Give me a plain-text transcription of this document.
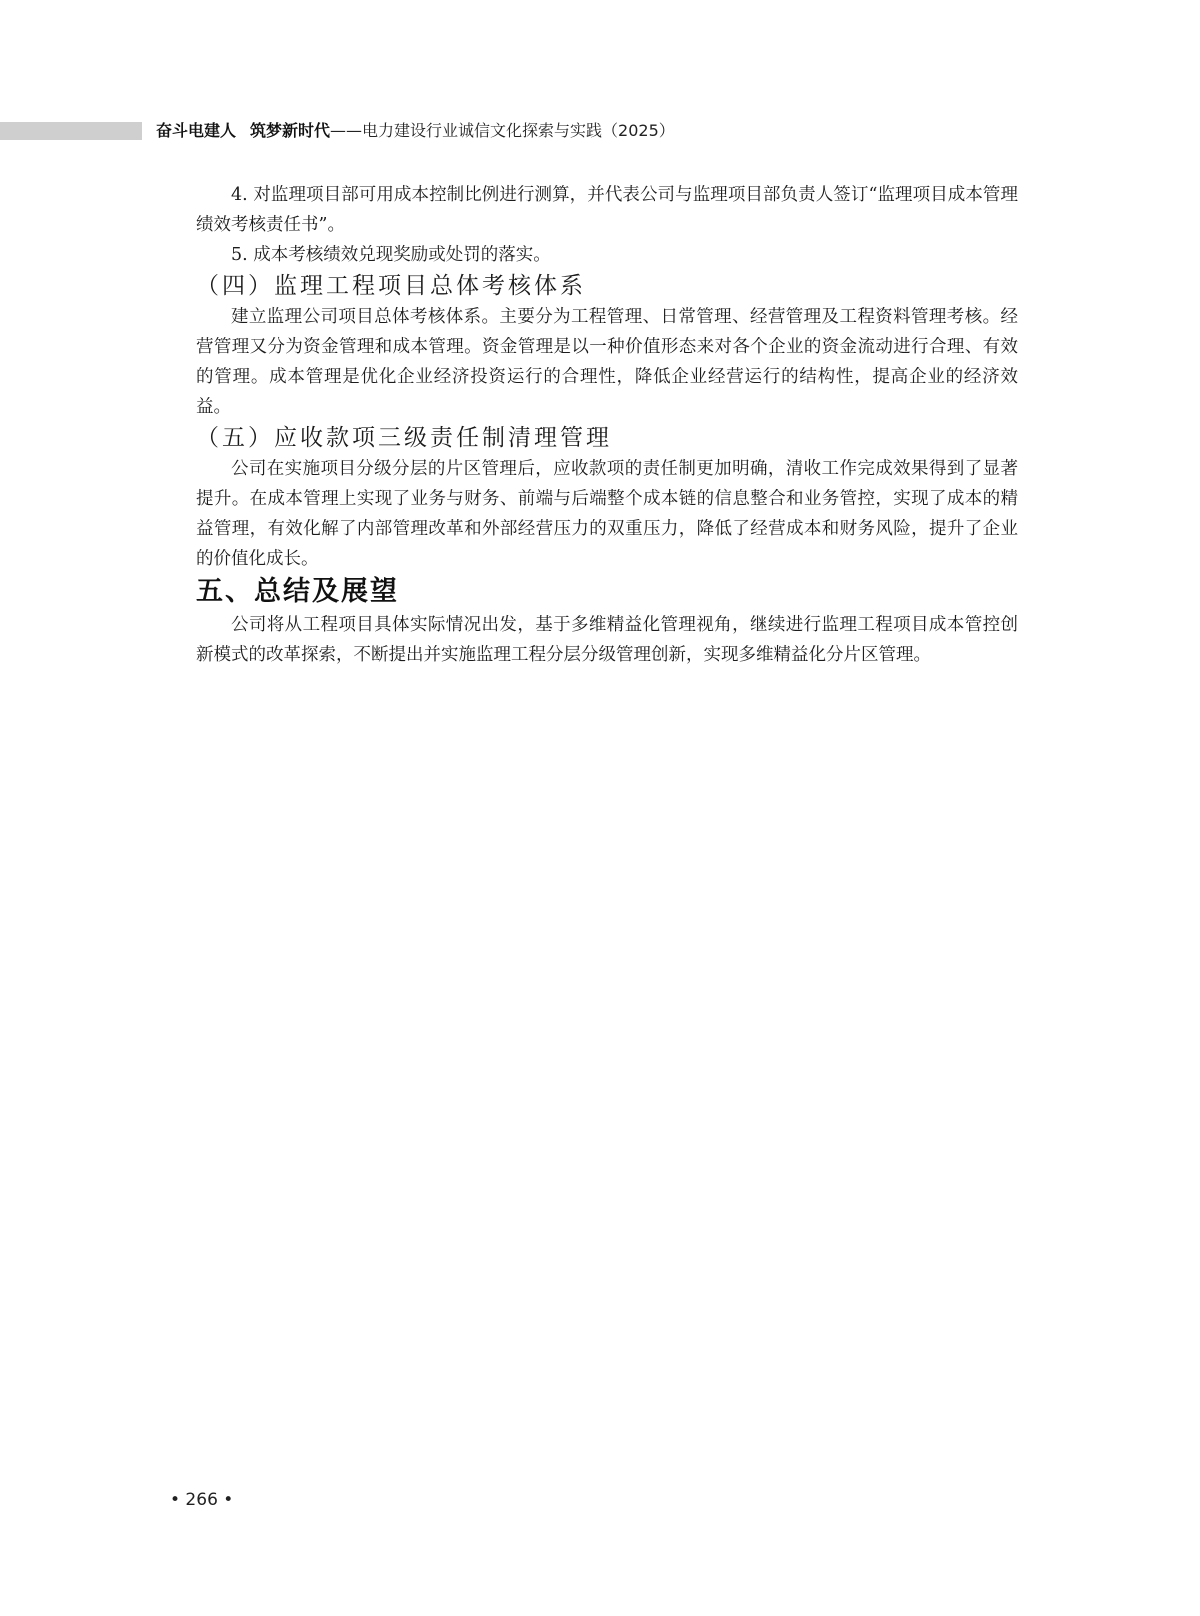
奋斗电建人 筑梦新时代——电力建设行业诚信文化探索与实践（2025）

4. 对监理项目部可用成本控制比例进行测算，并代表公司与监理项目部负责人签订“监理项目成本管理绩效考核责任书”。

5. 成本考核绩效兑现奖励或处罚的落实。

（四）监理工程项目总体考核体系

建立监理公司项目总体考核体系。主要分为工程管理、日常管理、经营管理及工程资料管理考核。经营管理又分为资金管理和成本管理。资金管理是以一种价值形态来对各个企业的资金流动进行合理、有效的管理。成本管理是优化企业经济投资运行的合理性，降低企业经营运行的结构性，提高企业的经济效益。

（五）应收款项三级责任制清理管理

公司在实施项目分级分层的片区管理后，应收款项的责任制更加明确，清收工作完成效果得到了显著提升。在成本管理上实现了业务与财务、前端与后端整个成本链的信息整合和业务管控，实现了成本的精益管理，有效化解了内部管理改革和外部经营压力的双重压力，降低了经营成本和财务风险，提升了企业的价值化成长。

五、总结及展望

公司将从工程项目具体实际情况出发，基于多维精益化管理视角，继续进行监理工程项目成本管控创新模式的改革探索，不断提出并实施监理工程分层分级管理创新，实现多维精益化分片区管理。

• 266 •
